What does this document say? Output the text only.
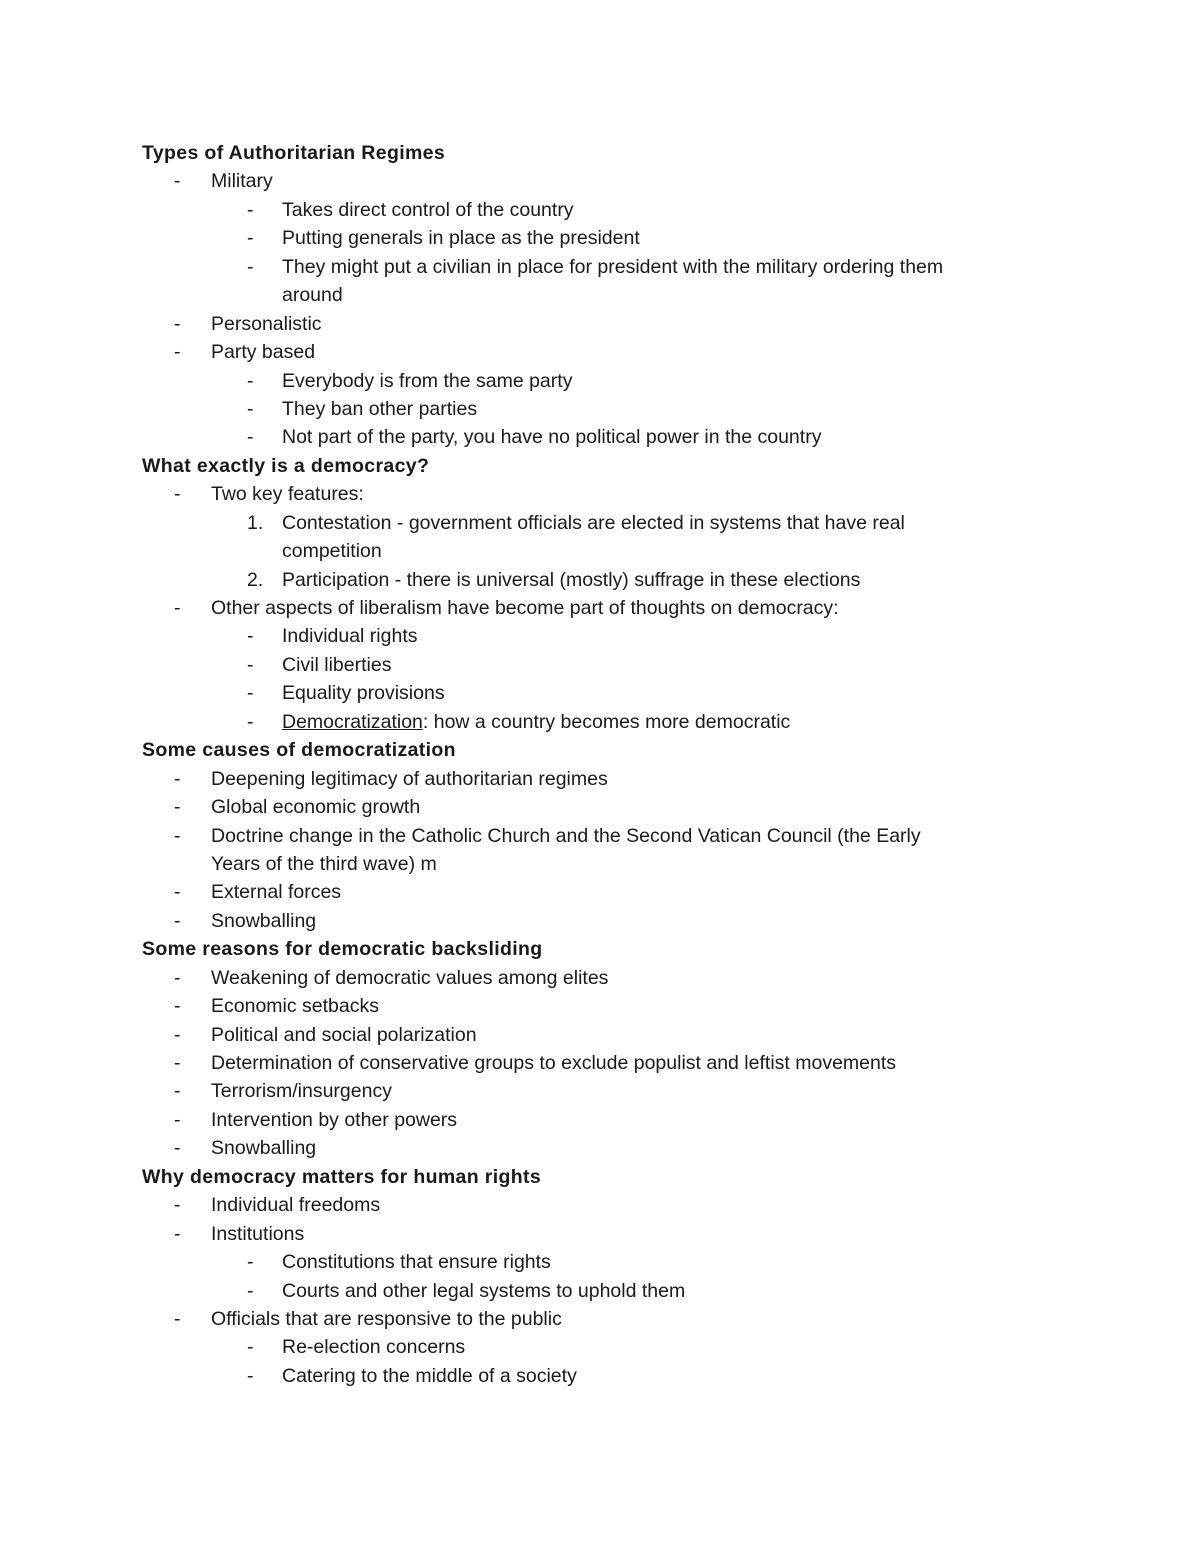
Types of Authoritarian Regimes
- Military
- Takes direct control of the country
- Putting generals in place as the president
- They might put a civilian in place for president with the military ordering them
around
- Personalistic
- Party based
- Everybody is from the same party
- They ban other parties
- Not part of the party, you have no political power in the country
What exactly is a democracy?
- Two key features:
1. Contestation - government officials are elected in systems that have real
competition
2. Participation - there is universal (mostly) suffrage in these elections
- Other aspects of liberalism have become part of thoughts on democracy:
- Individual rights
- Civil liberties
- Equality provisions
- Democratization: how a country becomes more democratic
Some causes of democratization
- Deepening legitimacy of authoritarian regimes
- Global economic growth
- Doctrine change in the Catholic Church and the Second Vatican Council (the Early
Years of the third wave) m
- External forces
- Snowballing
Some reasons for democratic backsliding
- Weakening of democratic values among elites
- Economic setbacks
- Political and social polarization
- Determination of conservative groups to exclude populist and leftist movements
- Terrorism/insurgency
- Intervention by other powers
- Snowballing
Why democracy matters for human rights
- Individual freedoms
- Institutions
- Constitutions that ensure rights
- Courts and other legal systems to uphold them
- Officials that are responsive to the public
- Re-election concerns
- Catering to the middle of a society
